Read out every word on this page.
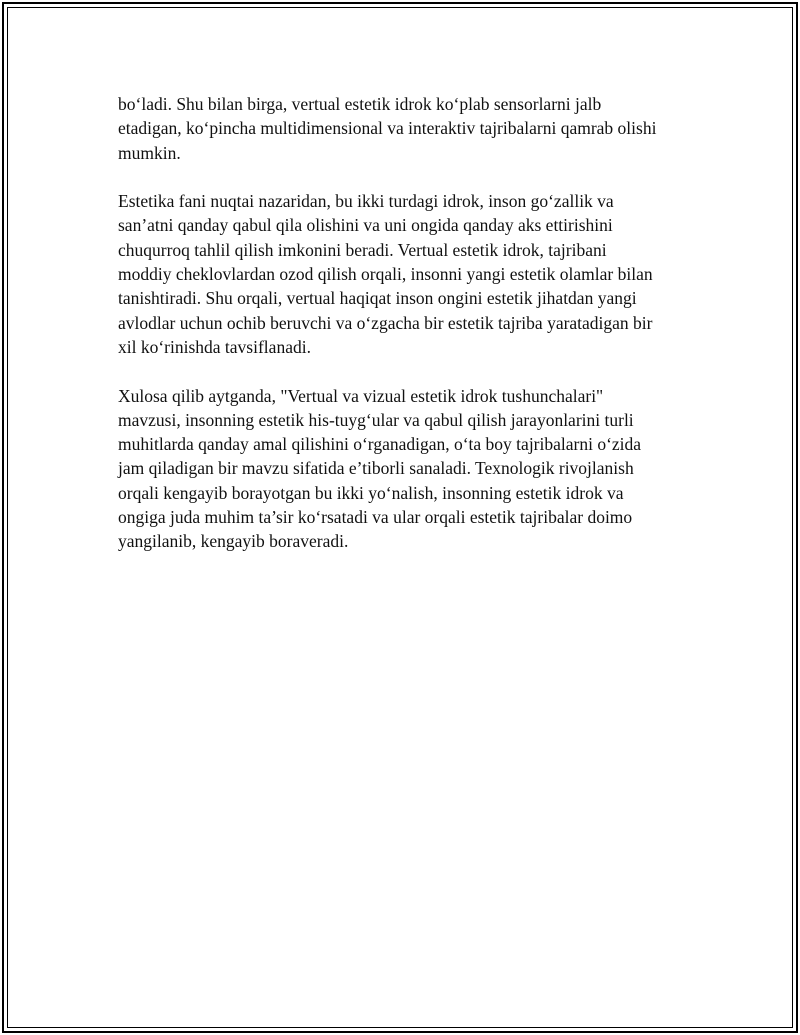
bo‘ladi. Shu bilan birga, vertual estetik idrok ko‘plab sensorlarni jalb
etadigan, ko‘pincha multidimensional va interaktiv tajribalarni qamrab olishi
mumkin.

Estetika fani nuqtai nazaridan, bu ikki turdagi idrok, inson go‘zallik va
san’atni qanday qabul qila olishini va uni ongida qanday aks ettirishini
chuqurroq tahlil qilish imkonini beradi. Vertual estetik idrok, tajribani
moddiy cheklovlardan ozod qilish orqali, insonni yangi estetik olamlar bilan
tanishtiradi. Shu orqali, vertual haqiqat inson ongini estetik jihatdan yangi
avlodlar uchun ochib beruvchi va o‘zgacha bir estetik tajriba yaratadigan bir
xil ko‘rinishda tavsiflanadi.

Xulosa qilib aytganda, "Vertual va vizual estetik idrok tushunchalari"
mavzusi, insonning estetik his-tuyg‘ular va qabul qilish jarayonlarini turli
muhitlarda qanday amal qilishini o‘rganadigan, o‘ta boy tajribalarni o‘zida
jam qiladigan bir mavzu sifatida e’tiborli sanaladi. Texnologik rivojlanish
orqali kengayib borayotgan bu ikki yo‘nalish, insonning estetik idrok va
ongiga juda muhim ta’sir ko‘rsatadi va ular orqali estetik tajribalar doimo
yangilanib, kengayib boraveradi.
